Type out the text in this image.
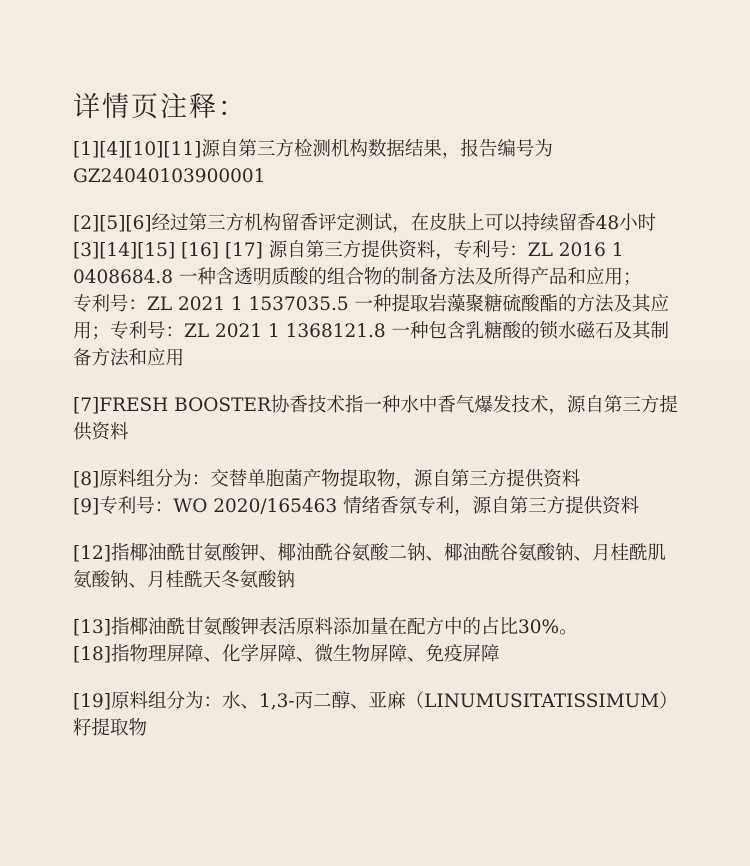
详情页注释：
[1][4][10][11]源自第三方检测机构数据结果，报告编号为
GZ24040103900001
[2][5][6]经过第三方机构留香评定测试，在皮肤上可以持续留香48小时
[3][14][15] [16] [17] 源自第三方提供资料，专利号：ZL 2016 1
0408684.8 一种含透明质酸的组合物的制备方法及所得产品和应用；
专利号：ZL 2021 1 1537035.5 一种提取岩藻聚糖硫酸酯的方法及其应
用；专利号：ZL 2021 1 1368121.8 一种包含乳糖酸的锁水磁石及其制
备方法和应用
[7]FRESH BOOSTER协香技术指一种水中香气爆发技术，源自第三方提
供资料
[8]原料组分为：交替单胞菌产物提取物，源自第三方提供资料
[9]专利号：WO 2020/165463 情绪香氛专利，源自第三方提供资料
[12]指椰油酰甘氨酸钾、椰油酰谷氨酸二钠、椰油酰谷氨酸钠、月桂酰肌
氨酸钠、月桂酰天冬氨酸钠
[13]指椰油酰甘氨酸钾表活原料添加量在配方中的占比30%。
[18]指物理屏障、化学屏障、微生物屏障、免疫屏障
[19]原料组分为：水、1,3-丙二醇、亚麻（LINUMUSITATISSIMUM）
籽提取物
